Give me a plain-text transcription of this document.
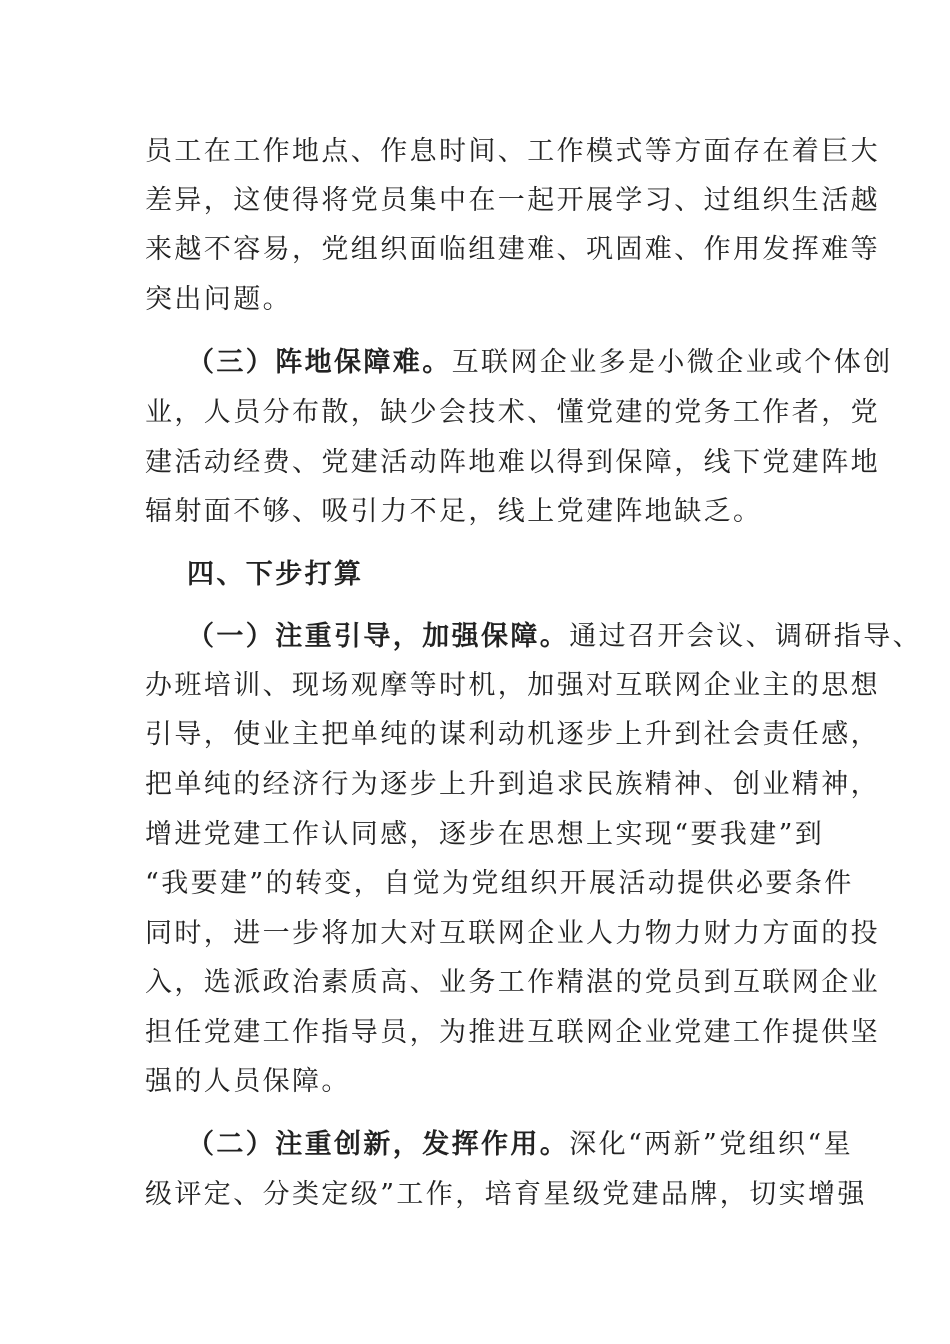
员工在工作地点、作息时间、工作模式等方面存在着巨大
差异，这使得将党员集中在一起开展学习、过组织生活越
来越不容易，党组织面临组建难、巩固难、作用发挥难等
突出问题。
（三）阵地保障难。互联网企业多是小微企业或个体创
业，人员分布散，缺少会技术、懂党建的党务工作者，党
建活动经费、党建活动阵地难以得到保障，线下党建阵地
辐射面不够、吸引力不足，线上党建阵地缺乏。
四、下步打算
（一）注重引导，加强保障。通过召开会议、调研指导、
办班培训、现场观摩等时机，加强对互联网企业主的思想
引导，使业主把单纯的谋利动机逐步上升到社会责任感，
把单纯的经济行为逐步上升到追求民族精神、创业精神，
增进党建工作认同感，逐步在思想上实现“要我建”到
“我要建”的转变，自觉为党组织开展活动提供必要条件
同时，进一步将加大对互联网企业人力物力财力方面的投
入，选派政治素质高、业务工作精湛的党员到互联网企业
担任党建工作指导员，为推进互联网企业党建工作提供坚
强的人员保障。
（二）注重创新，发挥作用。深化“两新”党组织“星
级评定、分类定级”工作，培育星级党建品牌，切实增强
